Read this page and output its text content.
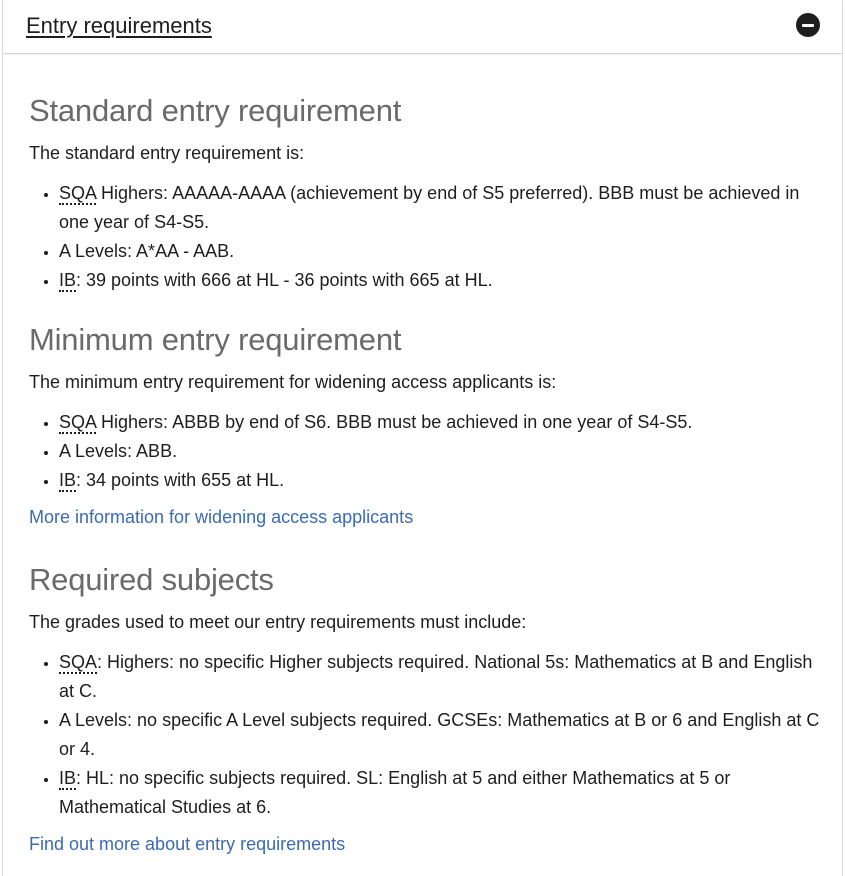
Entry requirements
Standard entry requirement

The standard entry requirement is:

• SQA Highers: AAAAA-AAAA (achievement by end of S5 preferred). BBB must be achieved in one year of S4-S5.
• A Levels: A*AA - AAB.
• IB: 39 points with 666 at HL - 36 points with 665 at HL.
Minimum entry requirement

The minimum entry requirement for widening access applicants is:

• SQA Highers: ABBB by end of S6. BBB must be achieved in one year of S4-S5.
• A Levels: ABB.
• IB: 34 points with 655 at HL.
More information for widening access applicants
Required subjects

The grades used to meet our entry requirements must include:

• SQA: Highers: no specific Higher subjects required. National 5s: Mathematics at B and English at C.
• A Levels: no specific A Level subjects required. GCSEs: Mathematics at B or 6 and English at C or 4.
• IB: HL: no specific subjects required. SL: English at 5 and either Mathematics at 5 or Mathematical Studies at 6.
Find out more about entry requirements
